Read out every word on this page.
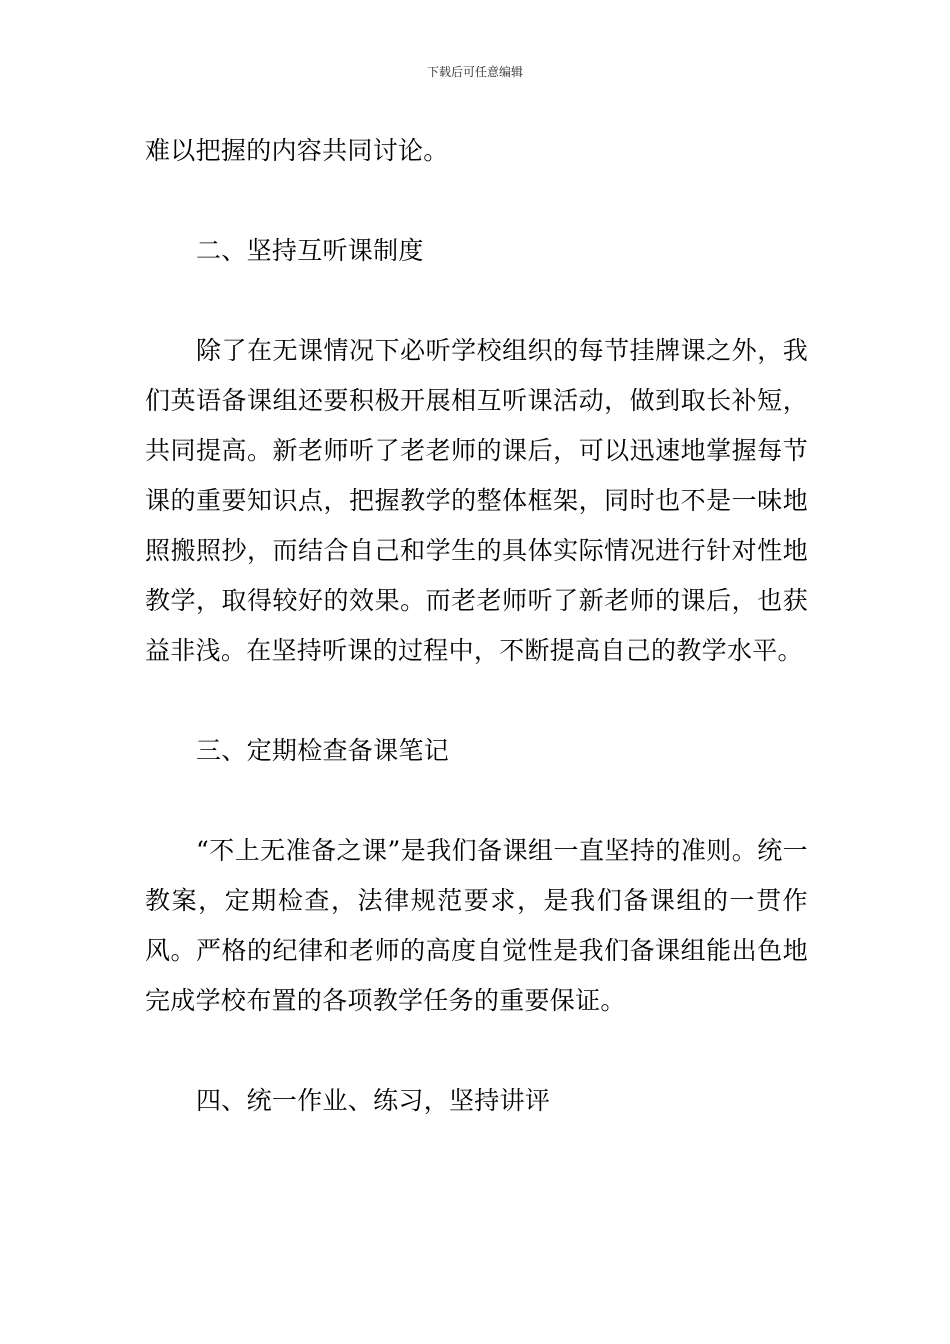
下载后可任意编辑

难以把握的内容共同讨论。

二、坚持互听课制度

除了在无课情况下必听学校组织的每节挂牌课之外，我们英语备课组还要积极开展相互听课活动，做到取长补短，共同提高。新老师听了老老师的课后，可以迅速地掌握每节课的重要知识点，把握教学的整体框架，同时也不是一味地照搬照抄，而结合自己和学生的具体实际情况进行针对性地教学，取得较好的效果。而老老师听了新老师的课后，也获益非浅。在坚持听课的过程中，不断提高自己的教学水平。

三、定期检查备课笔记

“不上无准备之课”是我们备课组一直坚持的准则。统一教案，定期检查，法律规范要求，是我们备课组的一贯作风。严格的纪律和老师的高度自觉性是我们备课组能出色地完成学校布置的各项教学任务的重要保证。

四、统一作业、练习，坚持讲评
